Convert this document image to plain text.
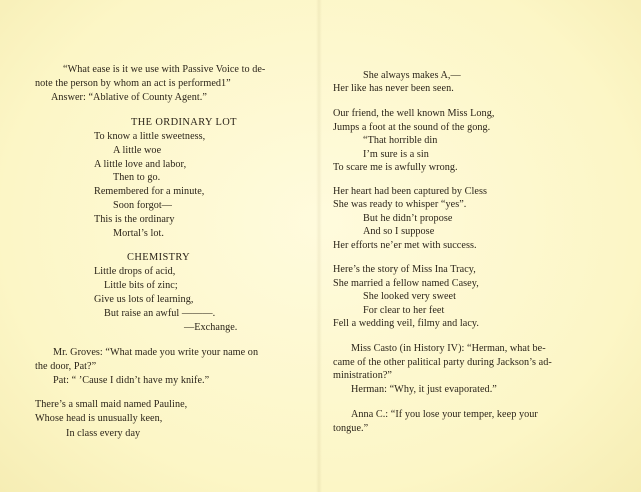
“What ease is it we use with Passive Voice to de-
note the person by whom an act is performed1”
Answer: “Ablative of County Agent.”
THE ORDINARY LOT
To know a little sweetness,
A little woe
A little love and labor,
Then to go.
Remembered for a minute,
Soon forgot—
This is the ordinary
Mortal’s lot.
CHEMISTRY
Little drops of acid,
Little bits of zinc;
Give us lots of learning,
But raise an awful ———.
—Exchange.
Mr. Groves: “What made you write your name on
the door, Pat?”
Pat: “ ’Cause I didn’t have my knife.”
There’s a small maid named Pauline,
Whose head is unusually keen,
In class every day
She always makes A,—
Her like has never been seen.
Our friend, the well known Miss Long,
Jumps a foot at the sound of the gong.
“That horrible din
I’m sure is a sin
To scare me is awfully wrong.
Her heart had been captured by Cless
She was ready to whisper “yes”.
But he didn’t propose
And so I suppose
Her efforts ne’er met with success.
Here’s the story of Miss Ina Tracy,
She married a fellow named Casey,
She looked very sweet
For clear to her feet
Fell a wedding veil, filmy and lacy.
Miss Casto (in History IV): “Herman, what be-
came of the other palitical party during Jackson’s ad-
ministration?”
Herman: “Why, it just evaporated.”
Anna C.: “If you lose your temper, keep your
tongue.”
